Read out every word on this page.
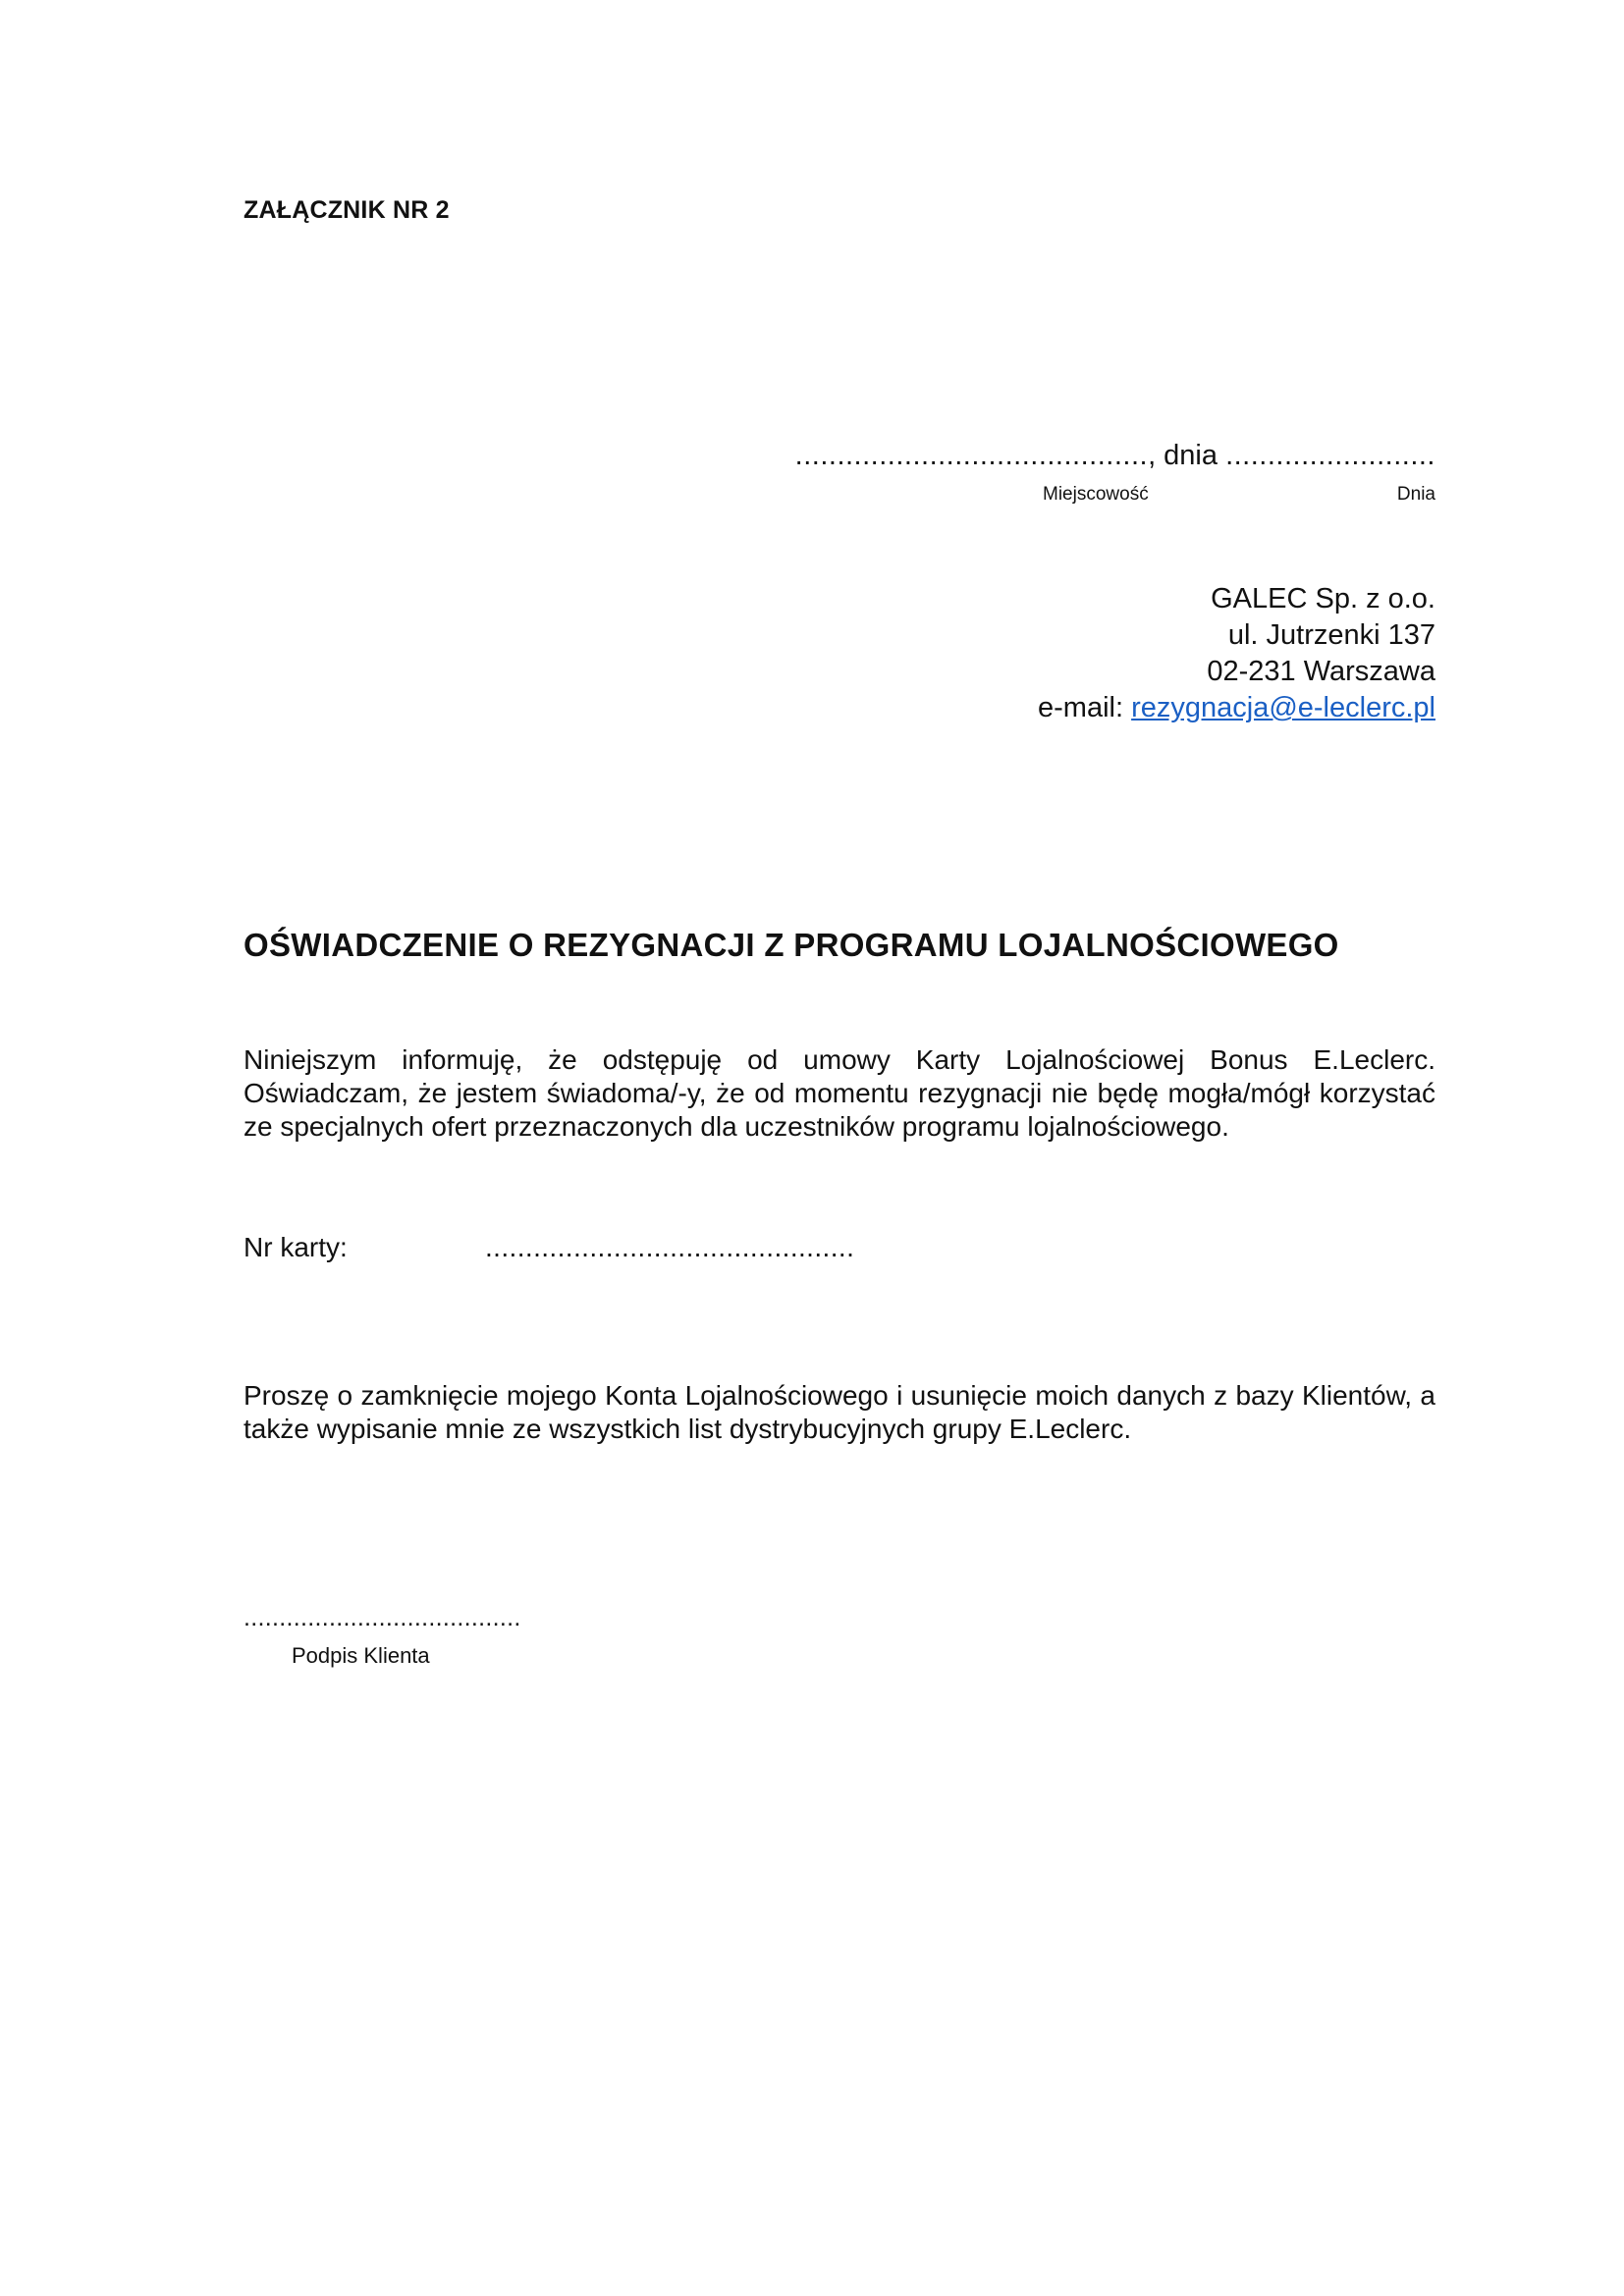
ZAŁĄCZNIK NR 2
.........................................., dnia .........................
Miejscowość	Dnia
GALEC Sp. z o.o.
ul. Jutrzenki 137
02-231 Warszawa
e-mail: rezygnacja@e-leclerc.pl
OŚWIADCZENIE O REZYGNACJI Z PROGRAMU LOJALNOŚCIOWEGO
Niniejszym informuję, że odstępuję od umowy Karty Lojalnościowej Bonus E.Leclerc. Oświadczam, że jestem świadoma/-y, że od momentu rezygnacji nie będę mogła/mógł korzystać ze specjalnych ofert przeznaczonych dla uczestników programu lojalnościowego.
Nr karty:	..............................................
Proszę o zamknięcie mojego Konta Lojalnościowego i usunięcie moich danych z bazy Klientów, a także wypisanie mnie ze wszystkich list dystrybucyjnych grupy E.Leclerc.
.......................................
Podpis Klienta
